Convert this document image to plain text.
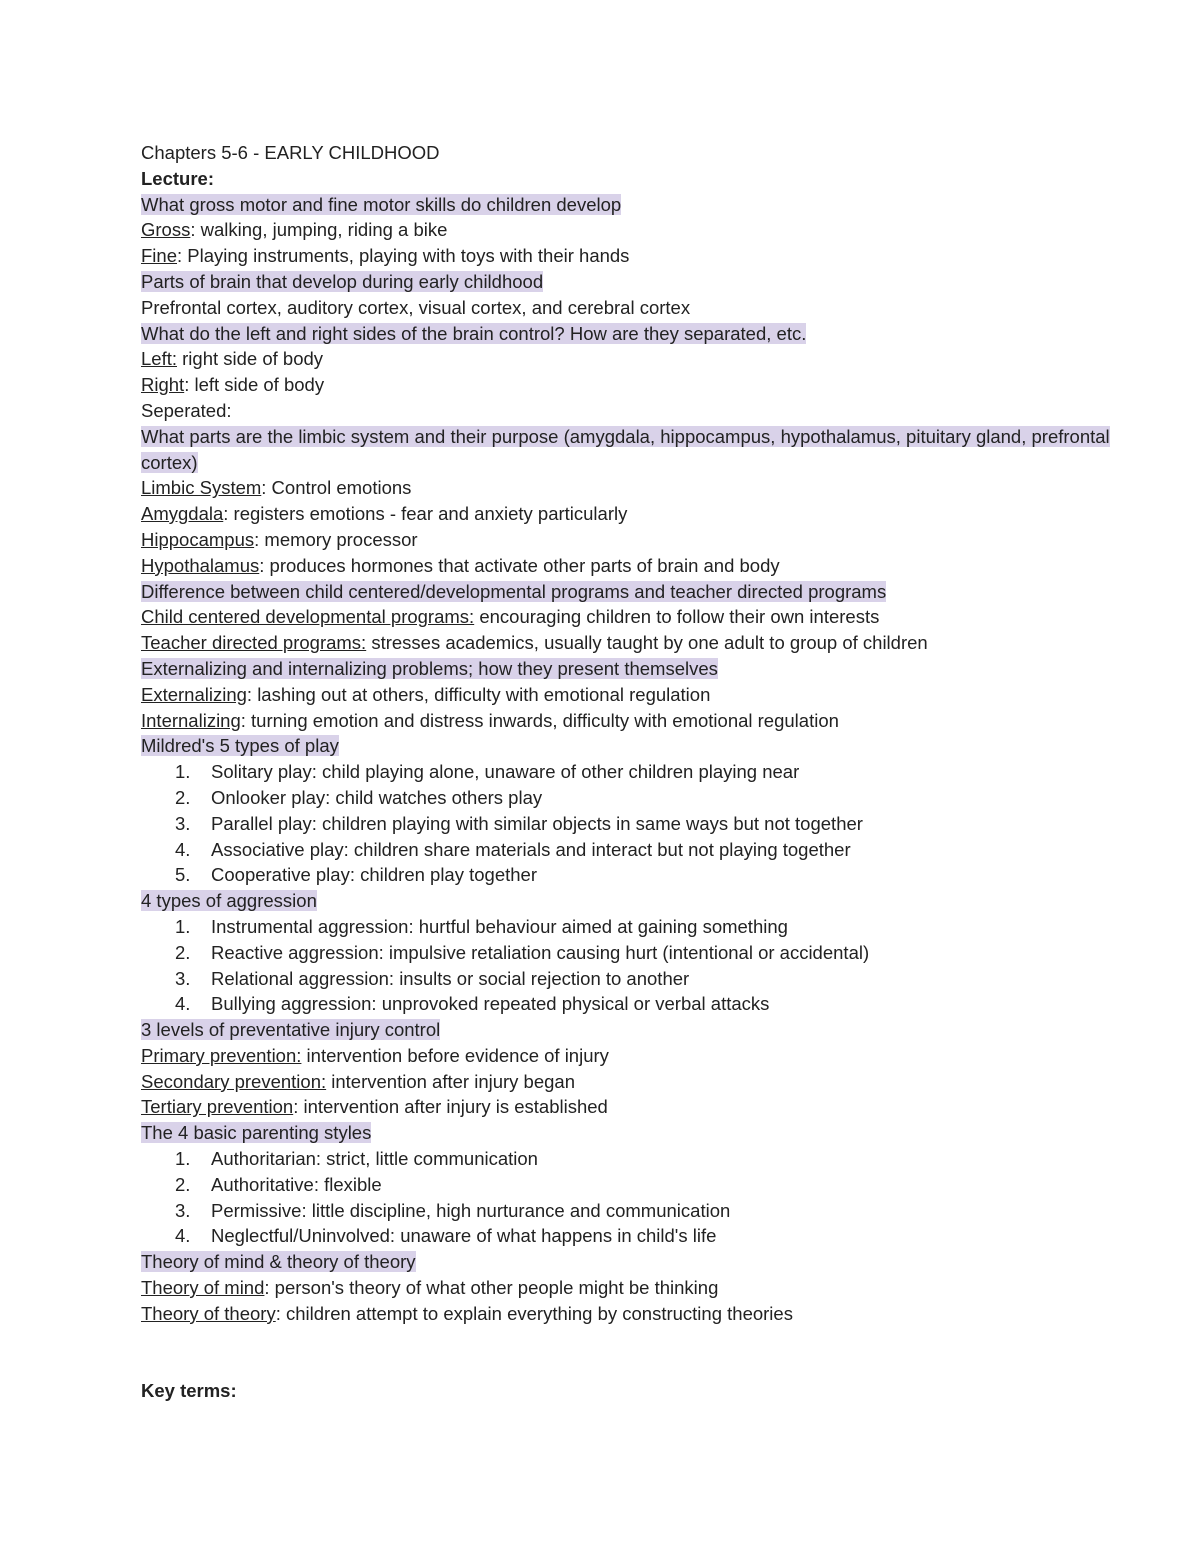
Chapters 5-6 - EARLY CHILDHOOD
Lecture:
What gross motor and fine motor skills do children develop
Gross: walking, jumping, riding a bike
Fine: Playing instruments, playing with toys with their hands
Parts of brain that develop during early childhood
Prefrontal cortex, auditory cortex, visual cortex, and cerebral cortex
What do the left and right sides of the brain control? How are they separated, etc.
Left: right side of body
Right: left side of body
Seperated:
What parts are the limbic system and their purpose (amygdala, hippocampus, hypothalamus, pituitary gland, prefrontal cortex)
Limbic System: Control emotions
Amygdala: registers emotions - fear and anxiety particularly
Hippocampus: memory processor
Hypothalamus: produces hormones that activate other parts of brain and body
Difference between child centered/developmental programs and teacher directed programs
Child centered developmental programs: encouraging children to follow their own interests
Teacher directed programs: stresses academics, usually taught by one adult to group of children
Externalizing and internalizing problems; how they present themselves
Externalizing: lashing out at others, difficulty with emotional regulation
Internalizing: turning emotion and distress inwards, difficulty with emotional regulation
Mildred's 5 types of play
1. Solitary play: child playing alone, unaware of other children playing near
2. Onlooker play: child watches others play
3. Parallel play: children playing with similar objects in same ways but not together
4. Associative play: children share materials and interact but not playing together
5. Cooperative play: children play together
4 types of aggression
1. Instrumental aggression: hurtful behaviour aimed at gaining something
2. Reactive aggression: impulsive retaliation causing hurt (intentional or accidental)
3. Relational aggression: insults or social rejection to another
4. Bullying aggression: unprovoked repeated physical or verbal attacks
3 levels of preventative injury control
Primary prevention: intervention before evidence of injury
Secondary prevention: intervention after injury began
Tertiary prevention: intervention after injury is established
The 4 basic parenting styles
1. Authoritarian: strict, little communication
2. Authoritative: flexible
3. Permissive: little discipline, high nurturance and communication
4. Neglectful/Uninvolved: unaware of what happens in child's life
Theory of mind & theory of theory
Theory of mind: person's theory of what other people might be thinking
Theory of theory: children attempt to explain everything by constructing theories
Key terms:
